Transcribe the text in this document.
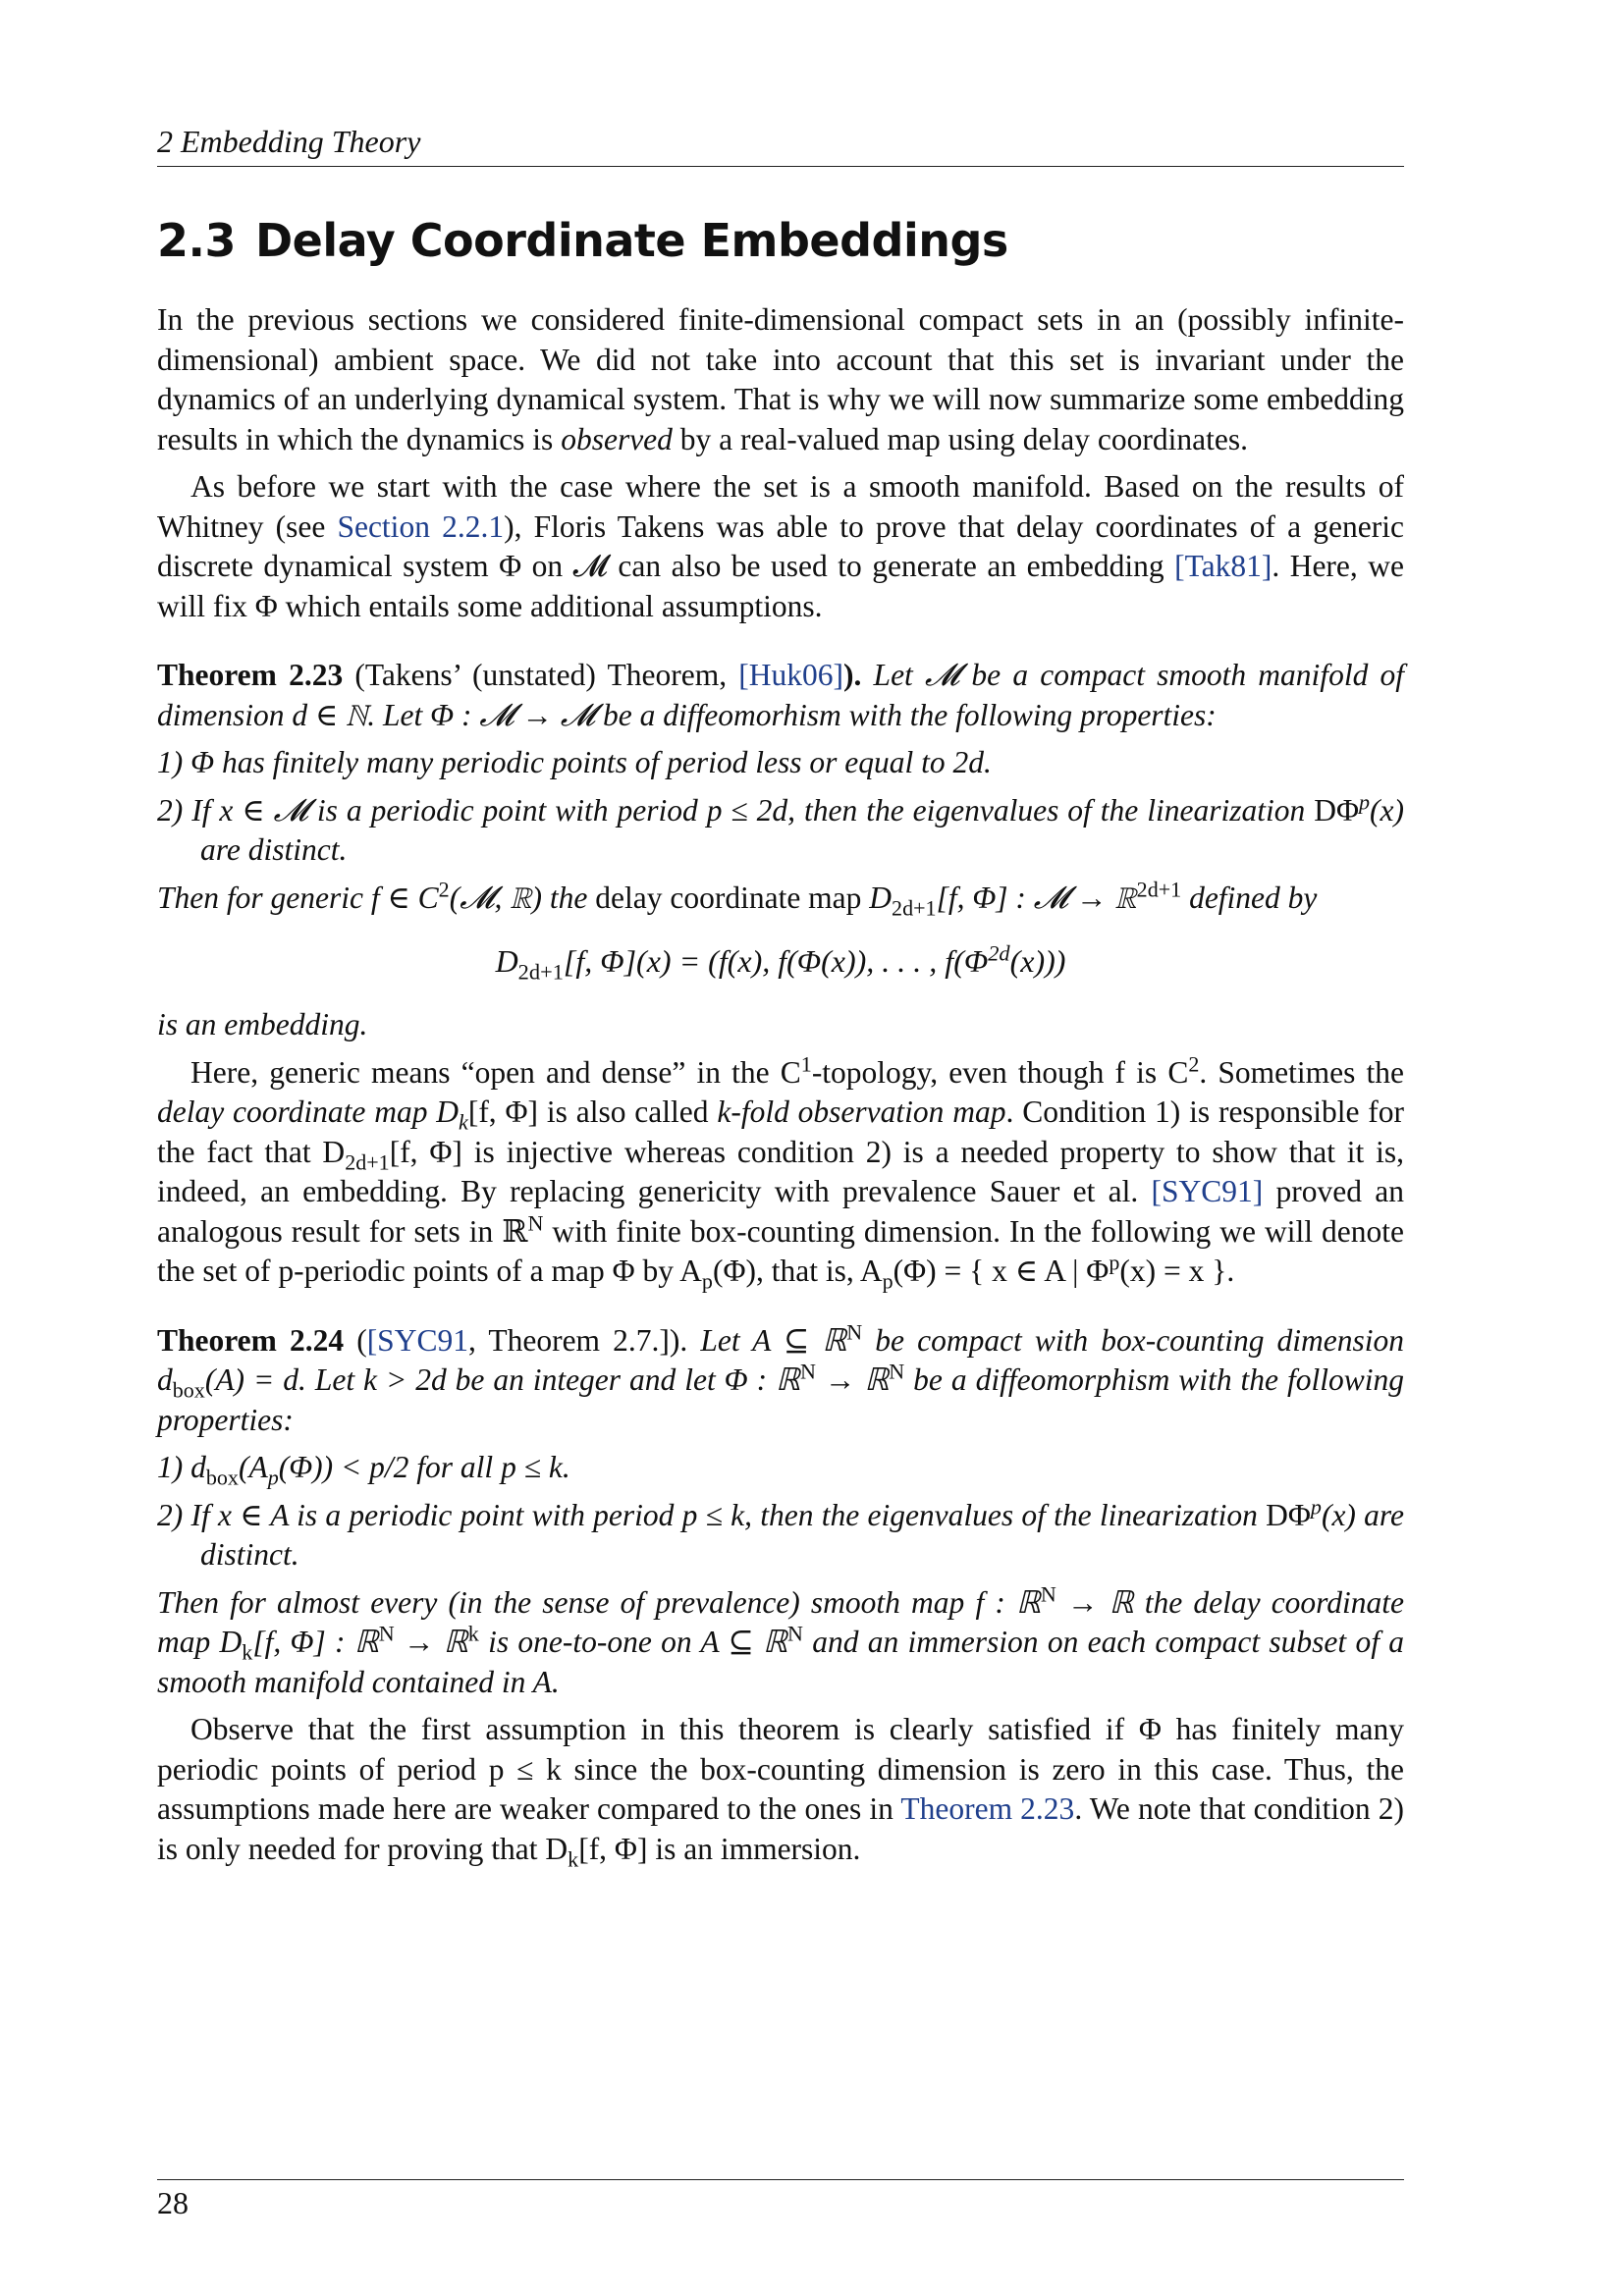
2 Embedding Theory
2.3 Delay Coordinate Embeddings

In the previous sections we considered finite-dimensional compact sets in an (possibly infinite-dimensional) ambient space. We did not take into account that this set is invariant under the dynamics of an underlying dynamical system. That is why we will now summarize some embedding results in which the dynamics is observed by a real-valued map using delay coordinates.

As before we start with the case where the set is a smooth manifold. Based on the results of Whitney (see Section 2.2.1), Floris Takens was able to prove that delay coordinates of a generic discrete dynamical system Φ on 𝓜 can also be used to generate an embedding [Tak81]. Here, we will fix Φ which entails some additional assumptions.

Theorem 2.23 (Takens’ (unstated) Theorem, [Huk06]). Let 𝓜 be a compact smooth manifold of dimension d ∈ ℕ. Let Φ : 𝓜 → 𝓜 be a diffeomorhism with the following properties:

1) Φ has finitely many periodic points of period less or equal to 2d.
2) If x ∈ 𝓜 is a periodic point with period p ≤ 2d, then the eigenvalues of the linearization $D\Phi^p(x)$ are distinct.

Then for generic f ∈ $C^2(𝓜$, ℝ) the delay coordinate map $D_{2d+1}[f$, Φ] : 𝓜 → ℝ$^{2d+1}$ defined by

$D_{2d+1}[f$, Φ](x) = (f(x), f(Φ(x)), . . . , $f(\Phi^{2d}(x))$)

is an embedding.

Here, generic means “open and dense” in the $C^1$-topology, even though f is $C^2$. Sometimes the delay coordinate map $D_k[f$, Φ] is also called k-fold observation map. Condition 1) is responsible for the fact that $D_{2d+1}[f$, Φ] is injective whereas condition 2) is a needed property to show that it is, indeed, an embedding. By replacing genericity with prevalence Sauer et al. [SYC91] proved an analogous result for sets in ℝ$^N$ with finite box-counting dimension. In the following we will denote the set of p-periodic points of a map Φ by $A_p(\Phi)$, that is, $A_p(\Phi)$ = { x ∈ A | $\Phi^p(x) = x$ }.

Theorem 2.24 ([SYC91, Theorem 2.7.]). Let A ⊆ ℝ$^N$ be compact with box-counting dimension $d_{box}(A) = d$. Let k > 2d be an integer and let Φ : ℝ$^N$ → ℝ$^N$ be a diffeomorphism with the following properties:

1) $d_{box}(A_p(\Phi)) < p/2$ for all p ≤ k.
2) If x ∈ A is a periodic point with period p ≤ k, then the eigenvalues of the linearization $D\Phi^p(x)$ are distinct.

Then for almost every (in the sense of prevalence) smooth map f : ℝ$^N$ → ℝ the delay coordinate map $D_k[f$, Φ] : ℝ$^N$ → ℝ$^k$ is one-to-one on A ⊆ ℝ$^N$ and an immersion on each compact subset of a smooth manifold contained in A.

Observe that the first assumption in this theorem is clearly satisfied if Φ has finitely many periodic points of period p ≤ k since the box-counting dimension is zero in this case. Thus, the assumptions made here are weaker compared to the ones in Theorem 2.23. We note that condition 2) is only needed for proving that $D_k[f$, Φ] is an immersion.

28
